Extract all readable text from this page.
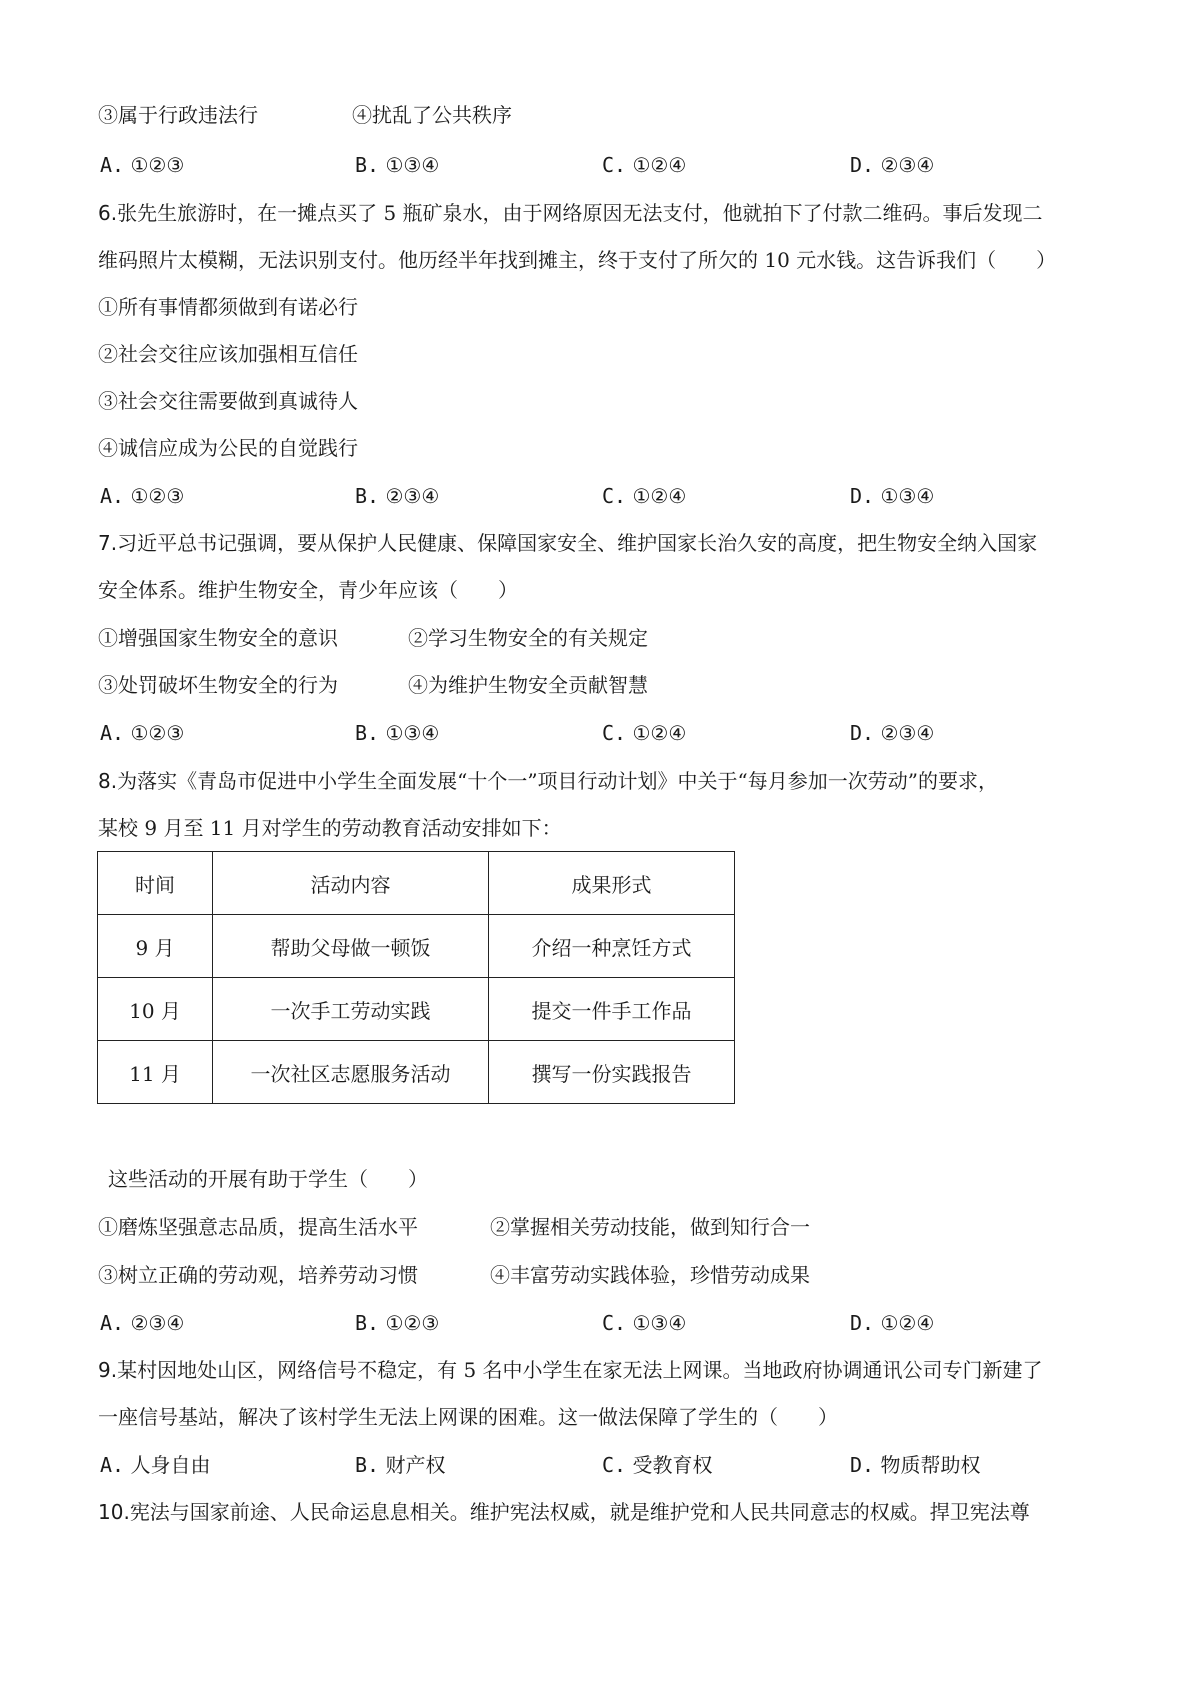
③属于行政违法行	④扰乱了公共秩序
A. ①②③	B. ①③④	C. ①②④	D. ②③④
6.张先生旅游时，在一摊点买了 5 瓶矿泉水，由于网络原因无法支付，他就拍下了付款二维码。事后发现二
维码照片太模糊，无法识别支付。他历经半年找到摊主，终于支付了所欠的 10 元水钱。这告诉我们（　　）
①所有事情都须做到有诺必行
②社会交往应该加强相互信任
③社会交往需要做到真诚待人
④诚信应成为公民的自觉践行
A. ①②③	B. ②③④	C. ①②④	D. ①③④
7.习近平总书记强调，要从保护人民健康、保障国家安全、维护国家长治久安的高度，把生物安全纳入国家
安全体系。维护生物安全，青少年应该（　　）
①增强国家生物安全的意识	②学习生物安全的有关规定
③处罚破坏生物安全的行为	④为维护生物安全贡献智慧
A. ①②③	B. ①③④	C. ①②④	D. ②③④
8.为落实《青岛市促进中小学生全面发展“十个一”项目行动计划》中关于“每月参加一次劳动”的要求，
某校 9 月至 11 月对学生的劳动教育活动安排如下：
时间	活动内容	成果形式
9 月	帮助父母做一顿饭	介绍一种烹饪方式
10 月	一次手工劳动实践	提交一件手工作品
11 月	一次社区志愿服务活动	撰写一份实践报告
这些活动的开展有助于学生（　　）
①磨炼坚强意志品质，提高生活水平	②掌握相关劳动技能，做到知行合一
③树立正确的劳动观，培养劳动习惯	④丰富劳动实践体验，珍惜劳动成果
A. ②③④	B. ①②③	C. ①③④	D. ①②④
9.某村因地处山区，网络信号不稳定，有 5 名中小学生在家无法上网课。当地政府协调通讯公司专门新建了
一座信号基站，解决了该村学生无法上网课的困难。这一做法保障了学生的（　　）
A. 人身自由	B. 财产权	C. 受教育权	D. 物质帮助权
10.宪法与国家前途、人民命运息息相关。维护宪法权威，就是维护党和人民共同意志的权威。捍卫宪法尊
